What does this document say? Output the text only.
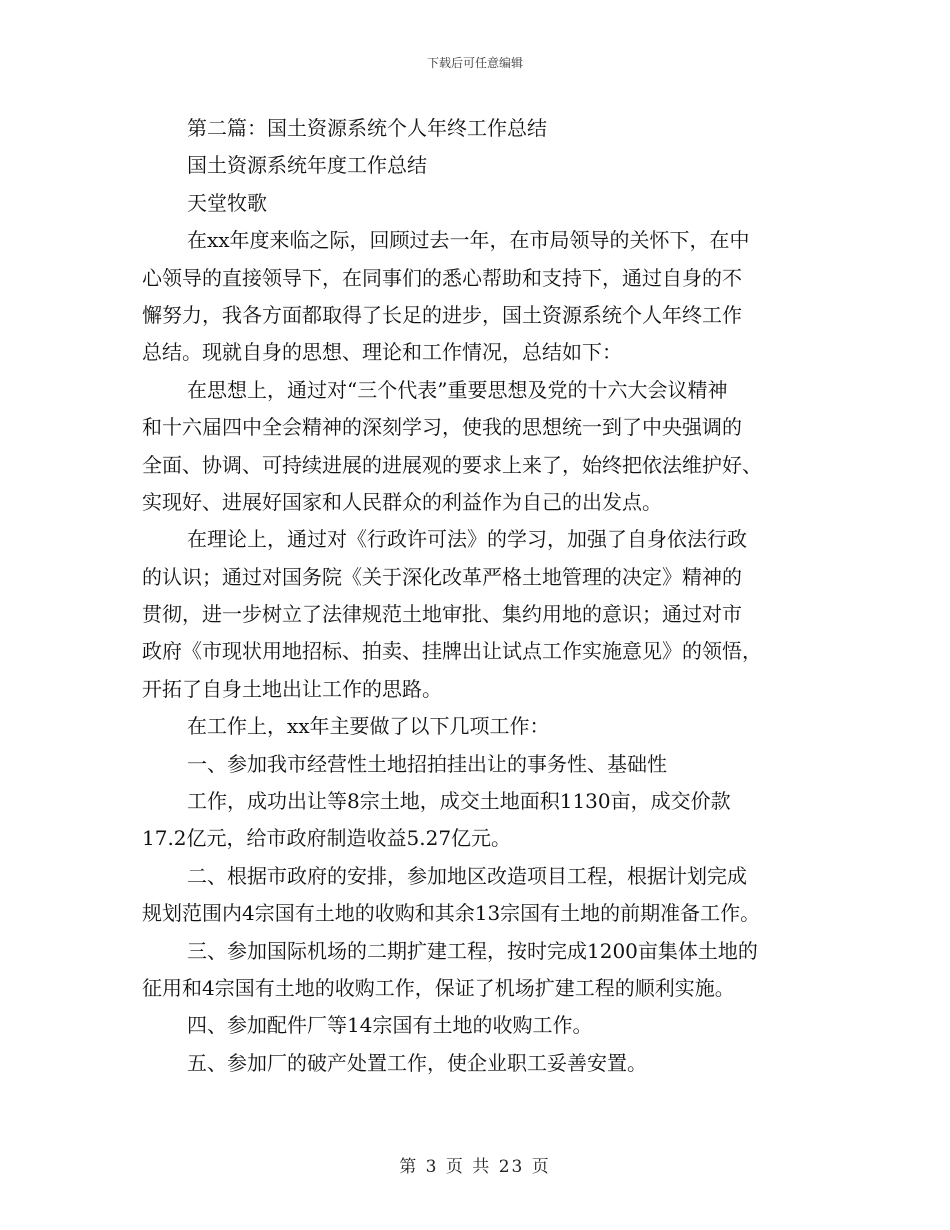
下载后可任意编辑
第二篇：国土资源系统个人年终工作总结
国土资源系统年度工作总结
天堂牧歌
在xx年度来临之际，回顾过去一年，在市局领导的关怀下，在中
心领导的直接领导下，在同事们的悉心帮助和支持下，通过自身的不
懈努力，我各方面都取得了长足的进步，国土资源系统个人年终工作
总结。现就自身的思想、理论和工作情况，总结如下：
在思想上，通过对“三个代表”重要思想及党的十六大会议精神
和十六届四中全会精神的深刻学习，使我的思想统一到了中央强调的
全面、协调、可持续进展的进展观的要求上来了，始终把依法维护好、
实现好、进展好国家和人民群众的利益作为自己的出发点。
在理论上，通过对《行政许可法》的学习，加强了自身依法行政
的认识；通过对国务院《关于深化改革严格土地管理的决定》精神的
贯彻，进一步树立了法律规范土地审批、集约用地的意识；通过对市
政府《市现状用地招标、拍卖、挂牌出让试点工作实施意见》的领悟，
开拓了自身土地出让工作的思路。
在工作上，xx年主要做了以下几项工作：
一、参加我市经营性土地招拍挂出让的事务性、基础性
工作，成功出让等8宗土地，成交土地面积1130亩，成交价款
17.2亿元，给市政府制造收益5.27亿元。
二、根据市政府的安排，参加地区改造项目工程，根据计划完成
规划范围内4宗国有土地的收购和其余13宗国有土地的前期准备工作。
三、参加国际机场的二期扩建工程，按时完成1200亩集体土地的
征用和4宗国有土地的收购工作，保证了机场扩建工程的顺利实施。
四、参加配件厂等14宗国有土地的收购工作。
五、参加厂的破产处置工作，使企业职工妥善安置。
第 3 页 共 23 页
